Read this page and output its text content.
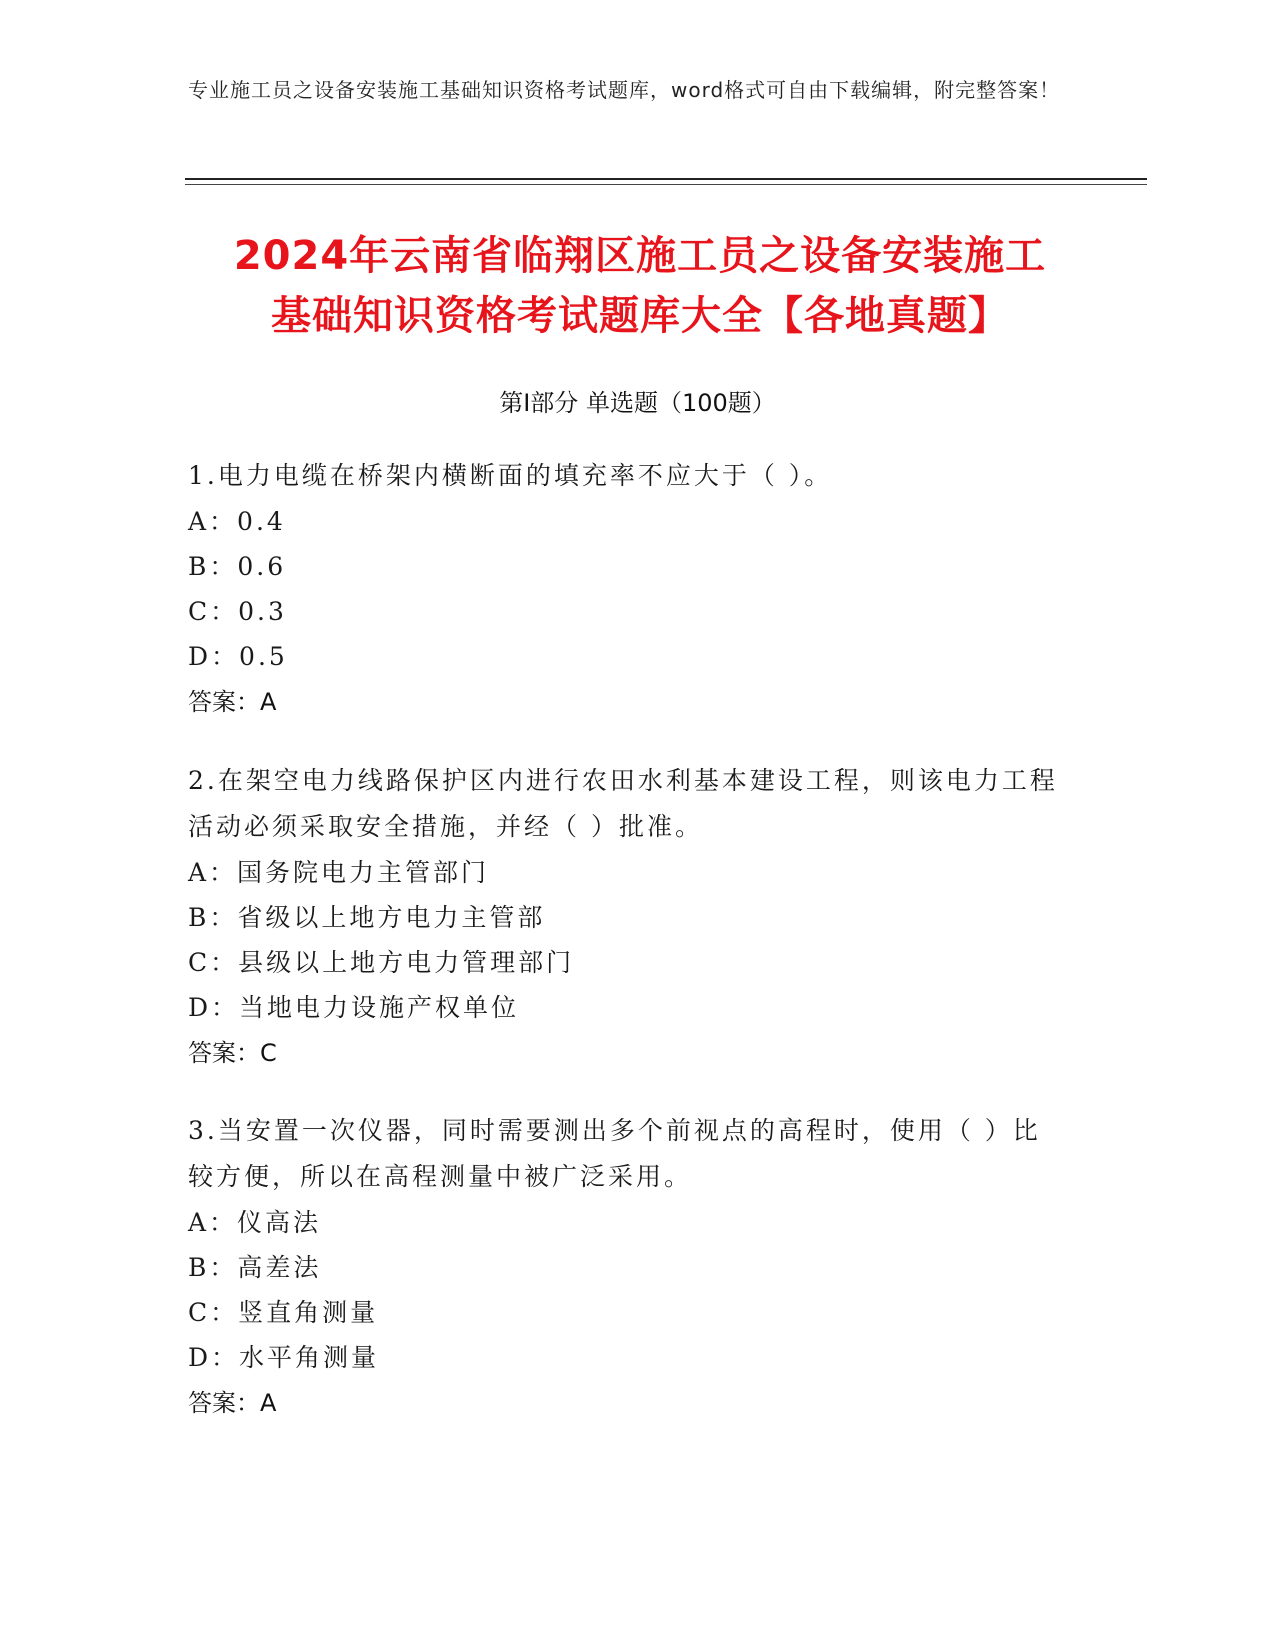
专业施工员之设备安装施工基础知识资格考试题库，word格式可自由下载编辑，附完整答案！
2024年云南省临翔区施工员之设备安装施工
基础知识资格考试题库大全【各地真题】
第Ⅰ部分 单选题（100题）

1.电力电缆在桥架内横断面的填充率不应大于（ ）。

A：0.4

B：0.6

C：0.3

D：0.5

答案：A

2.在架空电力线路保护区内进行农田水利基本建设工程，则该电力工程活动必须采取安全措施，并经（ ）批准。

A：国务院电力主管部门

B：省级以上地方电力主管部

C：县级以上地方电力管理部门

D：当地电力设施产权单位

答案：C

3.当安置一次仪器，同时需要测出多个前视点的高程时，使用（ ）比较方便，所以在高程测量中被广泛采用。

A：仪高法

B：高差法

C：竖直角测量

D：水平角测量

答案：A
